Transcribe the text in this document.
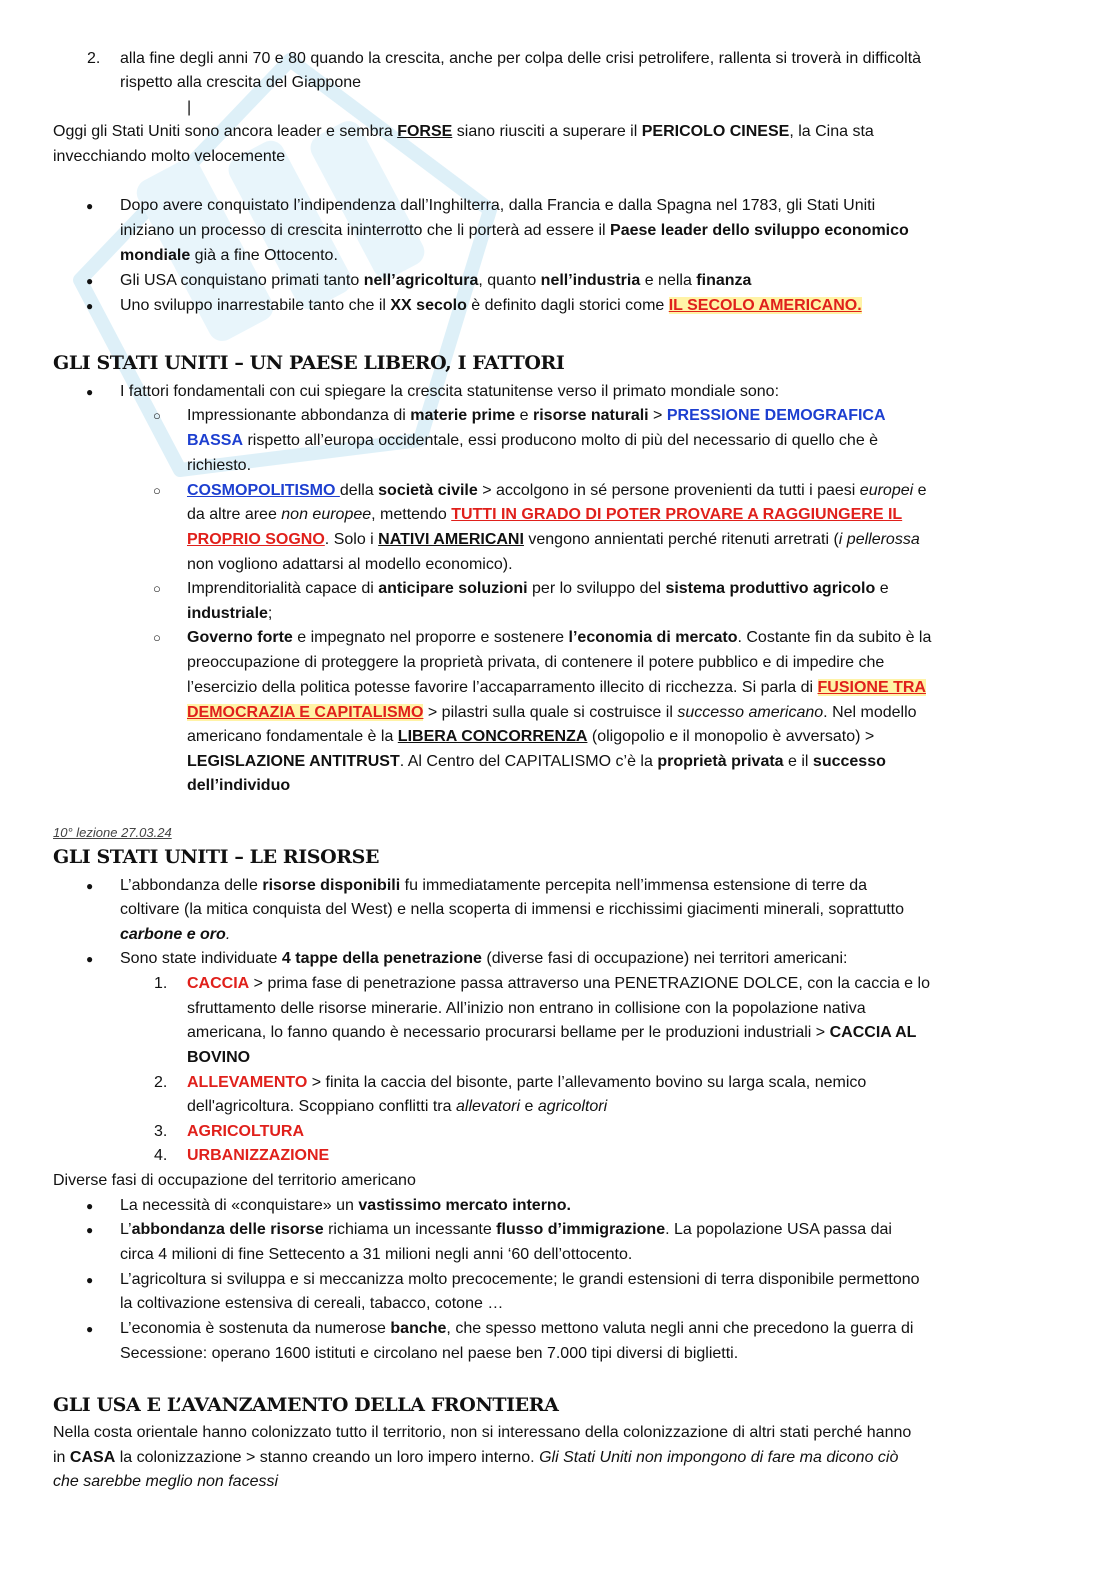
2. alla fine degli anni 70 e 80 quando la crescita, anche per colpa delle crisi petrolifere, rallenta si troverà in difficoltà
rispetto alla crescita del Giappone
|
Oggi gli Stati Uniti sono ancora leader e sembra FORSE siano riusciti a superare il PERICOLO CINESE, la Cina sta
invecchiando molto velocemente
● Dopo avere conquistato l’indipendenza dall’Inghilterra, dalla Francia e dalla Spagna nel 1783, gli Stati Uniti
iniziano un processo di crescita ininterrotto che li porterà ad essere il Paese leader dello sviluppo economico
mondiale già a fine Ottocento.
● Gli USA conquistano primati tanto nell’agricoltura, quanto nell’industria e nella finanza
● Uno sviluppo inarrestabile tanto che il XX secolo è definito dagli storici come IL SECOLO AMERICANO.
GLI STATI UNITI – UN PAESE LIBERO, I FATTORI
● I fattori fondamentali con cui spiegare la crescita statunitense verso il primato mondiale sono:
○ Impressionante abbondanza di materie prime e risorse naturali > PRESSIONE DEMOGRAFICA
BASSA rispetto all’europa occidentale, essi producono molto di più del necessario di quello che è
richiesto.
○ COSMOPOLITISMO della società civile > accolgono in sé persone provenienti da tutti i paesi europei e
da altre aree non europee, mettendo TUTTI IN GRADO DI POTER PROVARE A RAGGIUNGERE IL
PROPRIO SOGNO. Solo i NATIVI AMERICANI vengono annientati perché ritenuti arretrati (i pellerossa
non vogliono adattarsi al modello economico).
○ Imprenditorialità capace di anticipare soluzioni per lo sviluppo del sistema produttivo agricolo e
industriale;
○ Governo forte e impegnato nel proporre e sostenere l’economia di mercato. Costante fin da subito è la
preoccupazione di proteggere la proprietà privata, di contenere il potere pubblico e di impedire che
l’esercizio della politica potesse favorire l’accaparramento illecito di ricchezza. Si parla di FUSIONE TRA
DEMOCRAZIA E CAPITALISMO > pilastri sulla quale si costruisce il successo americano. Nel modello
americano fondamentale è la LIBERA CONCORRENZA (oligopolio e il monopolio è avversato) >
LEGISLAZIONE ANTITRUST. Al Centro del CAPITALISMO c’è la proprietà privata e il successo
dell’individuo
10° lezione 27.03.24
GLI STATI UNITI – LE RISORSE
● L’abbondanza delle risorse disponibili fu immediatamente percepita nell’immensa estensione di terre da
coltivare (la mitica conquista del West) e nella scoperta di immensi e ricchissimi giacimenti minerali, soprattutto
carbone e oro.
● Sono state individuate 4 tappe della penetrazione (diverse fasi di occupazione) nei territori americani:
1. CACCIA > prima fase di penetrazione passa attraverso una PENETRAZIONE DOLCE, con la caccia e lo
sfruttamento delle risorse minerarie. All’inizio non entrano in collisione con la popolazione nativa
americana, lo fanno quando è necessario procurarsi bellame per le produzioni industriali > CACCIA AL
BOVINO
2. ALLEVAMENTO > finita la caccia del bisonte, parte l’allevamento bovino su larga scala, nemico
dell'agricoltura. Scoppiano conflitti tra allevatori e agricoltori
3. AGRICOLTURA
4. URBANIZZAZIONE
Diverse fasi di occupazione del territorio americano
● La necessità di «conquistare» un vastissimo mercato interno.
● L’abbondanza delle risorse richiama un incessante flusso d’immigrazione. La popolazione USA passa dai
circa 4 milioni di fine Settecento a 31 milioni negli anni ‘60 dell’ottocento.
● L’agricoltura si sviluppa e si meccanizza molto precocemente; le grandi estensioni di terra disponibile permettono
la coltivazione estensiva di cereali, tabacco, cotone …
● L’economia è sostenuta da numerose banche, che spesso mettono valuta negli anni che precedono la guerra di
Secessione: operano 1600 istituti e circolano nel paese ben 7.000 tipi diversi di biglietti.
GLI USA E L’AVANZAMENTO DELLA FRONTIERA
Nella costa orientale hanno colonizzato tutto il territorio, non si interessano della colonizzazione di altri stati perché hanno
in CASA la colonizzazione > stanno creando un loro impero interno. Gli Stati Uniti non impongono di fare ma dicono ciò
che sarebbe meglio non facessi
